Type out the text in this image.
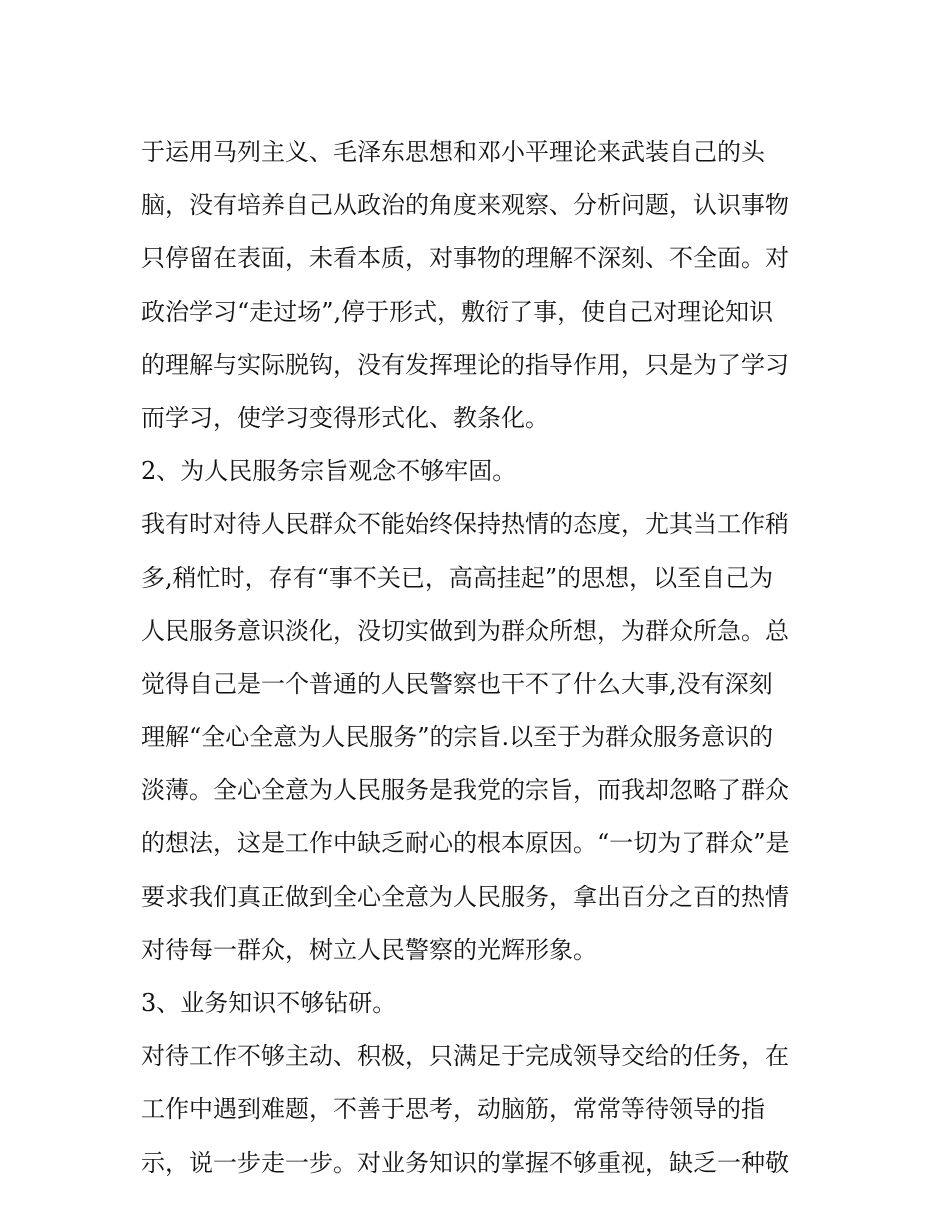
于运用马列主义、毛泽东思想和邓小平理论来武装自己的头
脑，没有培养自己从政治的角度来观察、分析问题，认识事物
只停留在表面，未看本质，对事物的理解不深刻、不全面。对
政治学习“走过场”,停于形式，敷衍了事，使自己对理论知识
的理解与实际脱钩，没有发挥理论的指导作用，只是为了学习
而学习，使学习变得形式化、教条化。
2、为人民服务宗旨观念不够牢固。
我有时对待人民群众不能始终保持热情的态度，尤其当工作稍
多,稍忙时，存有“事不关已，高高挂起”的思想，以至自己为
人民服务意识淡化，没切实做到为群众所想，为群众所急。总
觉得自己是一个普通的人民警察也干不了什么大事,没有深刻
理解“全心全意为人民服务”的宗旨.以至于为群众服务意识的
淡薄。全心全意为人民服务是我党的宗旨，而我却忽略了群众
的想法，这是工作中缺乏耐心的根本原因。“一切为了群众”是
要求我们真正做到全心全意为人民服务，拿出百分之百的热情
对待每一群众，树立人民警察的光辉形象。
3、业务知识不够钻研。
对待工作不够主动、积极，只满足于完成领导交给的任务，在
工作中遇到难题，不善于思考，动脑筋，常常等待领导的指
示，说一步走一步。对业务知识的掌握不够重视，缺乏一种敬
